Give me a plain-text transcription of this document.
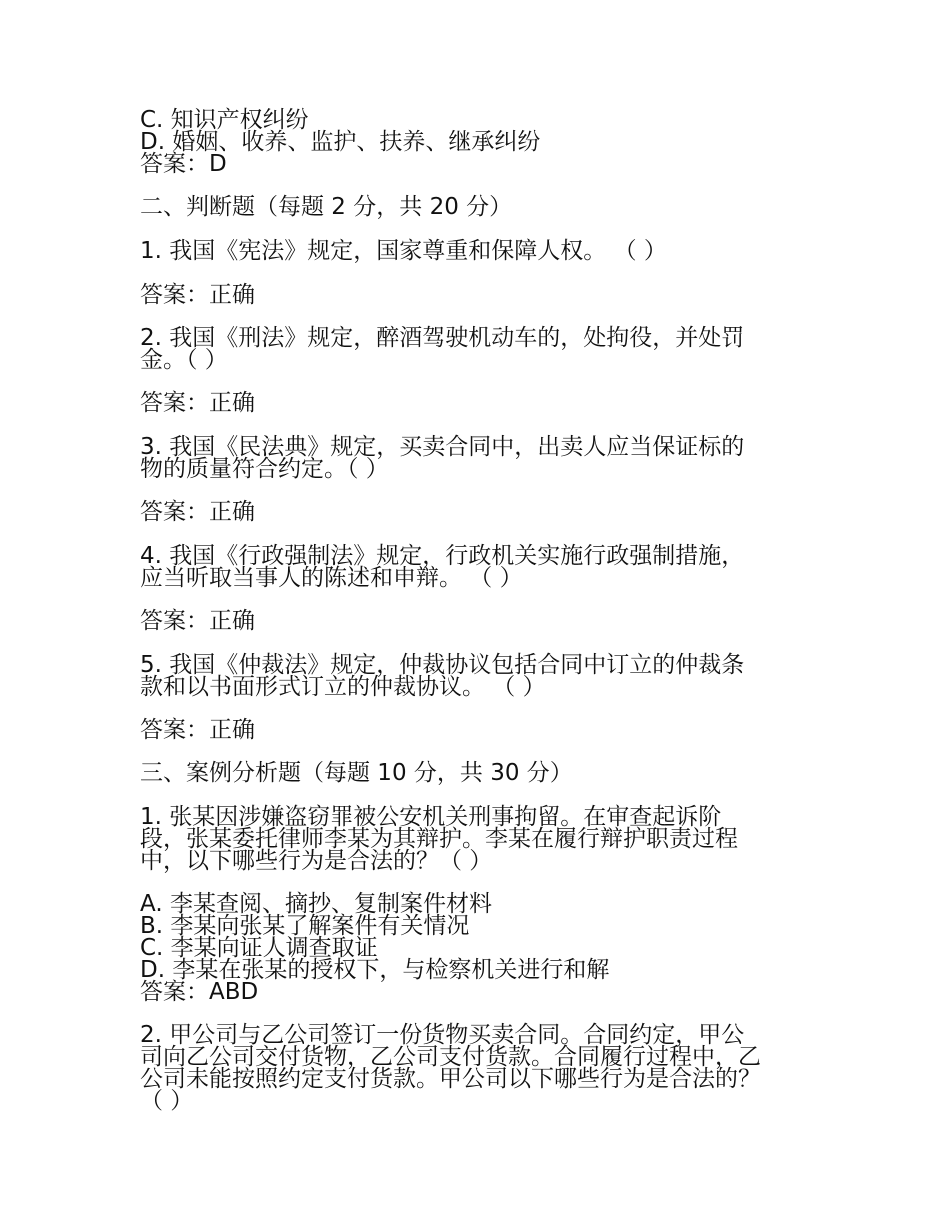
C. 知识产权纠纷
D. 婚姻、收养、监护、扶养、继承纠纷
答案：D
二、判断题（每题 2 分，共 20 分）
1. 我国《宪法》规定，国家尊重和保障人权。 （ ）
答案：正确
2. 我国《刑法》规定，醉酒驾驶机动车的，处拘役，并处罚
金。（ ）
答案：正确
3. 我国《民法典》规定，买卖合同中，出卖人应当保证标的
物的质量符合约定。（ ）
答案：正确
4. 我国《行政强制法》规定，行政机关实施行政强制措施，
应当听取当事人的陈述和申辩。 （ ）
答案：正确
5. 我国《仲裁法》规定，仲裁协议包括合同中订立的仲裁条
款和以书面形式订立的仲裁协议。 （ ）
答案：正确
三、案例分析题（每题 10 分，共 30 分）
1. 张某因涉嫌盗窃罪被公安机关刑事拘留。在审查起诉阶
段，张某委托律师李某为其辩护。李某在履行辩护职责过程
中，以下哪些行为是合法的？（ ）
A. 李某查阅、摘抄、复制案件材料
B. 李某向张某了解案件有关情况
C. 李某向证人调查取证
D. 李某在张某的授权下，与检察机关进行和解
答案：ABD
2. 甲公司与乙公司签订一份货物买卖合同。合同约定，甲公
司向乙公司交付货物，乙公司支付货款。合同履行过程中，乙
公司未能按照约定支付货款。甲公司以下哪些行为是合法的？
（ ）
